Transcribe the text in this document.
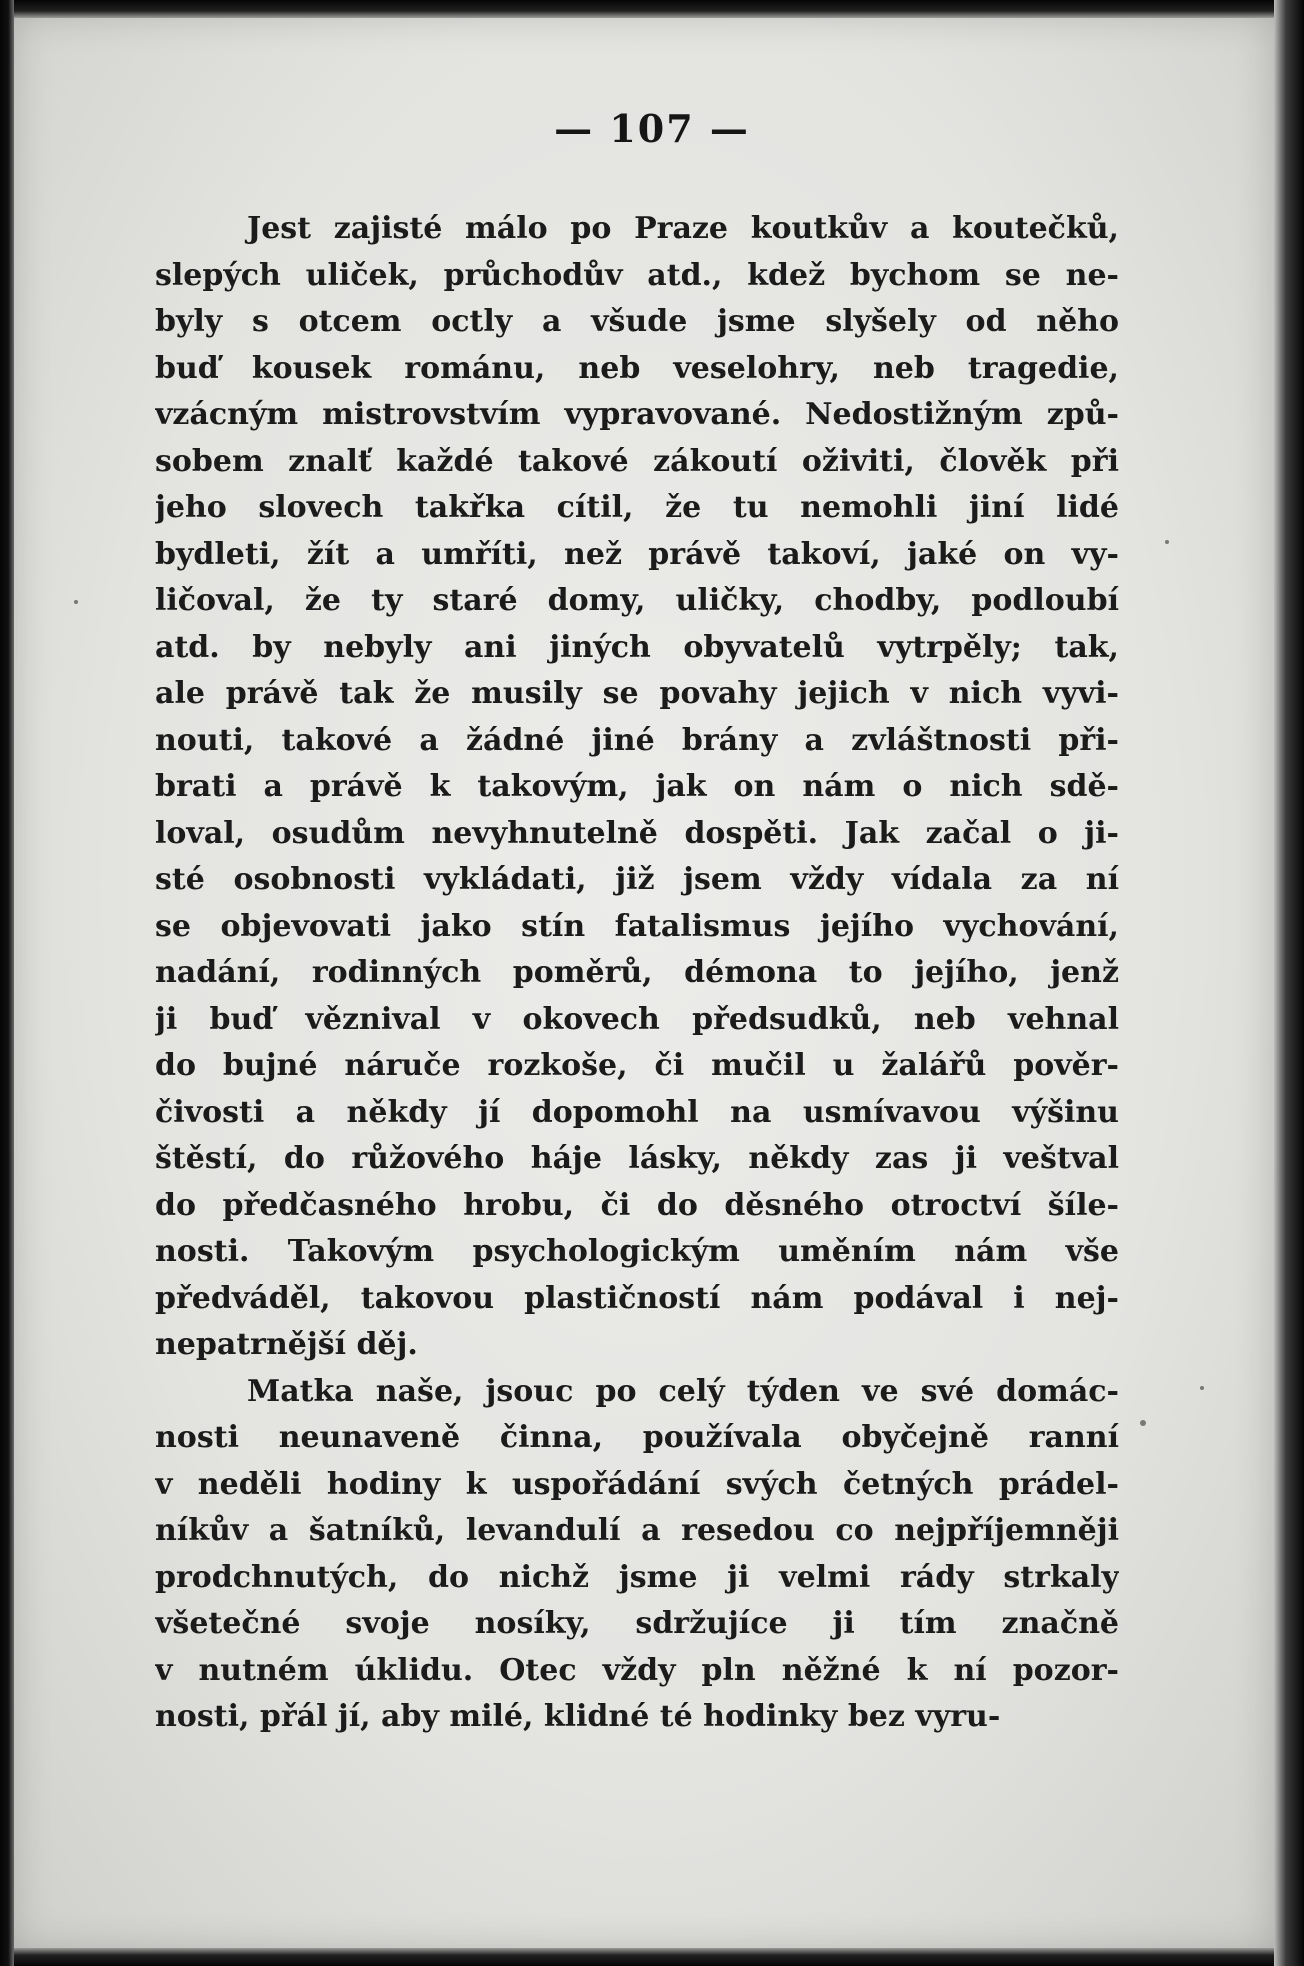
— 107 —
Jest zajisté málo po Praze koutkův a koutečků,
slepých uliček, průchodův atd., kdež bychom se ne-
byly s otcem octly a všude jsme slyšely od něho
buď kousek románu, neb veselohry, neb tragedie,
vzácným mistrovstvím vypravované. Nedostižným způ-
sobem znalť každé takové zákoutí oživiti, člověk při
jeho slovech takřka cítil, že tu nemohli jiní lidé
bydleti, žít a umříti, než právě takoví, jaké on vy-
ličoval, že ty staré domy, uličky, chodby, podloubí
atd. by nebyly ani jiných obyvatelů vytrpěly; tak,
ale právě tak že musily se povahy jejich v nich vyvi-
nouti, takové a žádné jiné brány a zvláštnosti při-
brati a právě k takovým, jak on nám o nich sdě-
loval, osudům nevyhnutelně dospěti. Jak začal o ji-
sté osobnosti vykládati, již jsem vždy vídala za ní
se objevovati jako stín fatalismus jejího vychování,
nadání, rodinných poměrů, démona to jejího, jenž
ji buď věznival v okovech předsudků, neb vehnal
do bujné náruče rozkoše, či mučil u žalářů pověr-
čivosti a někdy jí dopomohl na usmívavou výšinu
štěstí, do růžového háje lásky, někdy zas ji veštval
do předčasného hrobu, či do děsného otroctví šíle-
nosti. Takovým psychologickým uměním nám vše
předváděl, takovou plastičností nám podával i nej-
nepatrnější děj.
Matka naše, jsouc po celý týden ve své domác-
nosti neunaveně činna, používala obyčejně ranní
v neděli hodiny k uspořádání svých četných prádel-
níkův a šatníků, levandulí a resedou co nejpříjemněji
prodchnutých, do nichž jsme ji velmi rády strkaly
všetečné svoje nosíky, sdržujíce ji tím značně
v nutném úklidu. Otec vždy pln něžné k ní pozor-
nosti, přál jí, aby milé, klidné té hodinky bez vyru-
